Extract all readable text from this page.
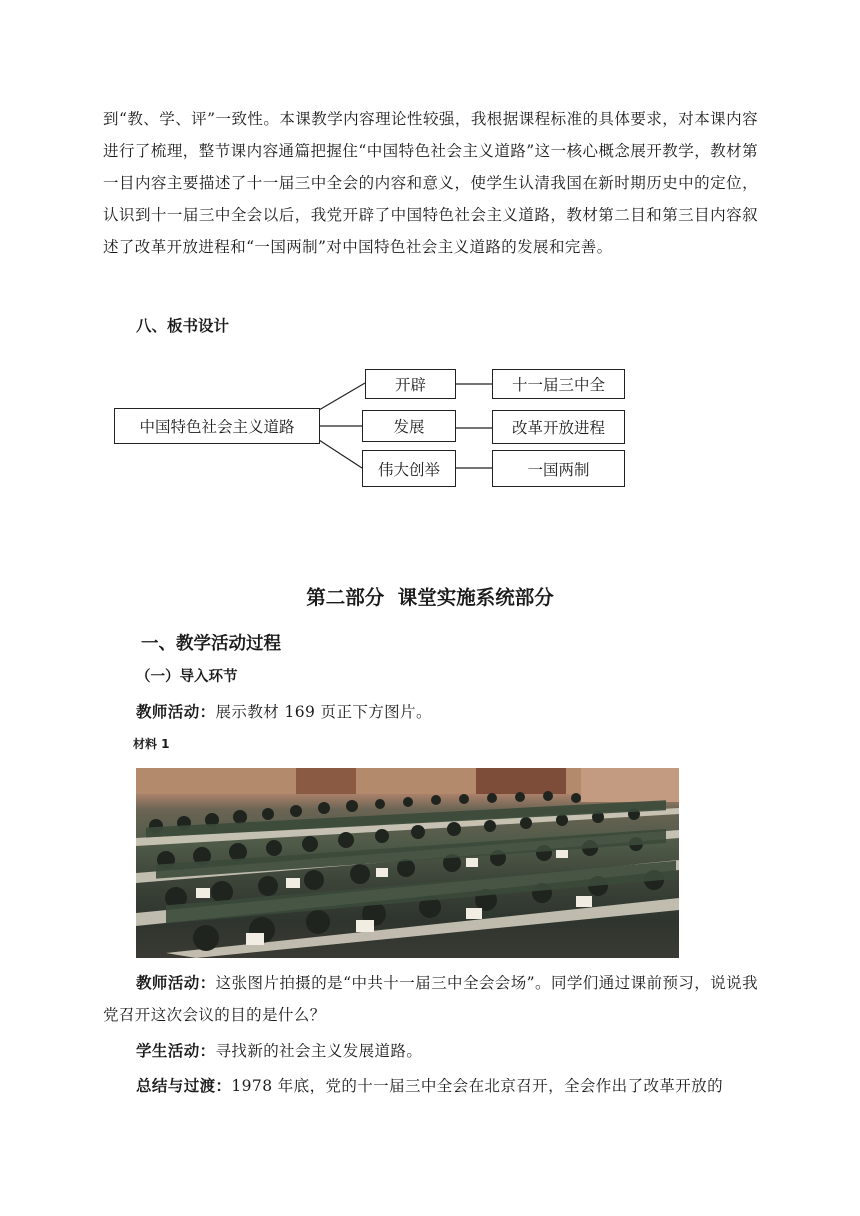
到“教、学、评”一致性。本课教学内容理论性较强，我根据课程标准的具体要求，对本课内容进行了梳理，整节课内容通篇把握住“中国特色社会主义道路”这一核心概念展开教学，教材第一目内容主要描述了十一届三中全会的内容和意义，使学生认清我国在新时期历史中的定位，认识到十一届三中全会以后，我党开辟了中国特色社会主义道路，教材第二目和第三目内容叙述了改革开放进程和“一国两制”对中国特色社会主义道路的发展和完善。

八、板书设计

中国特色社会主义道路
开辟
发展
伟大创举
十一届三中全
改革开放进程
一国两制

第二部分  课堂实施系统部分

一、教学活动过程

（一）导入环节

教师活动：展示教材 169 页正下方图片。

材料 1

教师活动：这张图片拍摄的是“中共十一届三中全会会场”。同学们通过课前预习，说说我党召开这次会议的目的是什么？

学生活动：寻找新的社会主义发展道路。

总结与过渡：1978 年底，党的十一届三中全会在北京召开，全会作出了改革开放的
